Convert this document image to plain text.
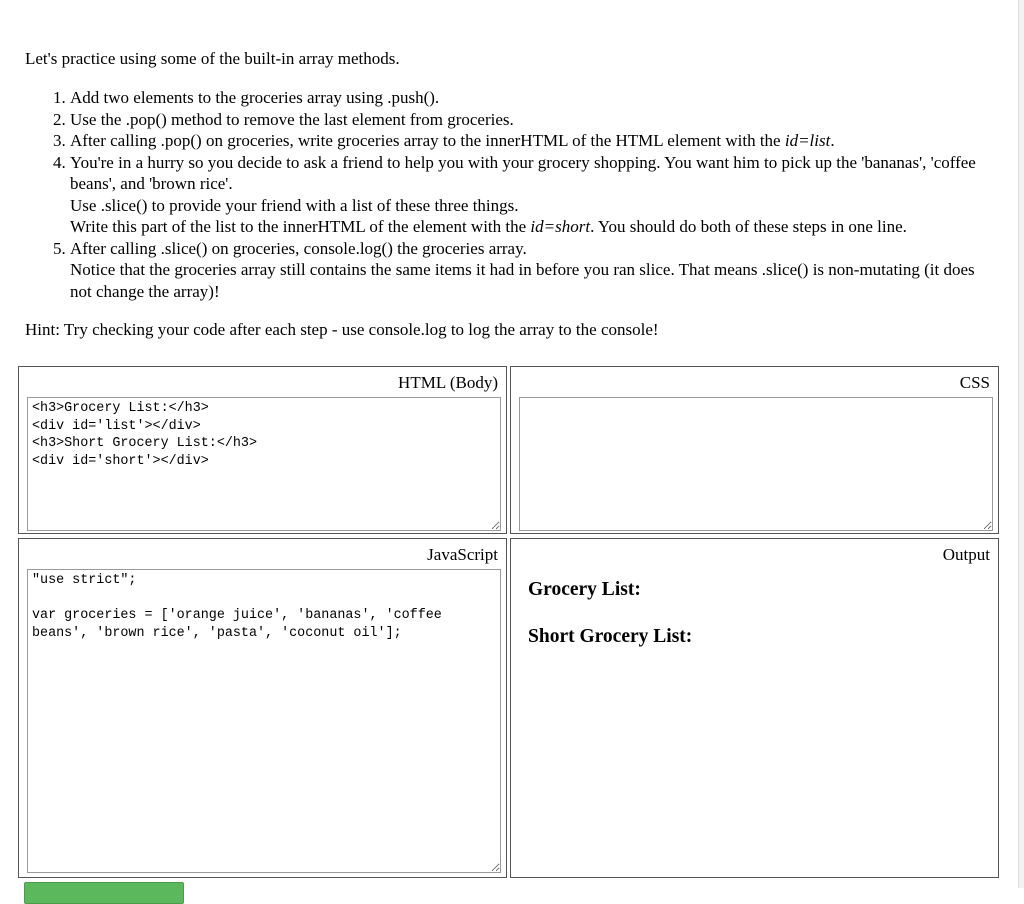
Let's practice using some of the built-in array methods.
1. Add two elements to the groceries array using .push().
2. Use the .pop() method to remove the last element from groceries.
3. After calling .pop() on groceries, write groceries array to the innerHTML of the HTML element with the id=list.
4. You're in a hurry so you decide to ask a friend to help you with your grocery shopping. You want him to pick up the 'bananas', 'coffee beans', and 'brown rice'.
Use .slice() to provide your friend with a list of these three things.
Write this part of the list to the innerHTML of the element with the id=short. You should do both of these steps in one line.
5. After calling .slice() on groceries, console.log() the groceries array.
Notice that the groceries array still contains the same items it had in before you ran slice. That means .slice() is non-mutating (it does not change the array)!
Hint: Try checking your code after each step - use console.log to log the array to the console!
HTML (Body)
<h3>Grocery List:</h3> <div id='list'></div> <h3>Short Grocery List:</h3> <div id='short'></div>	CSS
JavaScript
"use strict"; var groceries = ['orange juice', 'bananas', 'coffee beans', 'brown rice', 'pasta', 'coconut oil'];	Output
Grocery List:
Short Grocery List:
